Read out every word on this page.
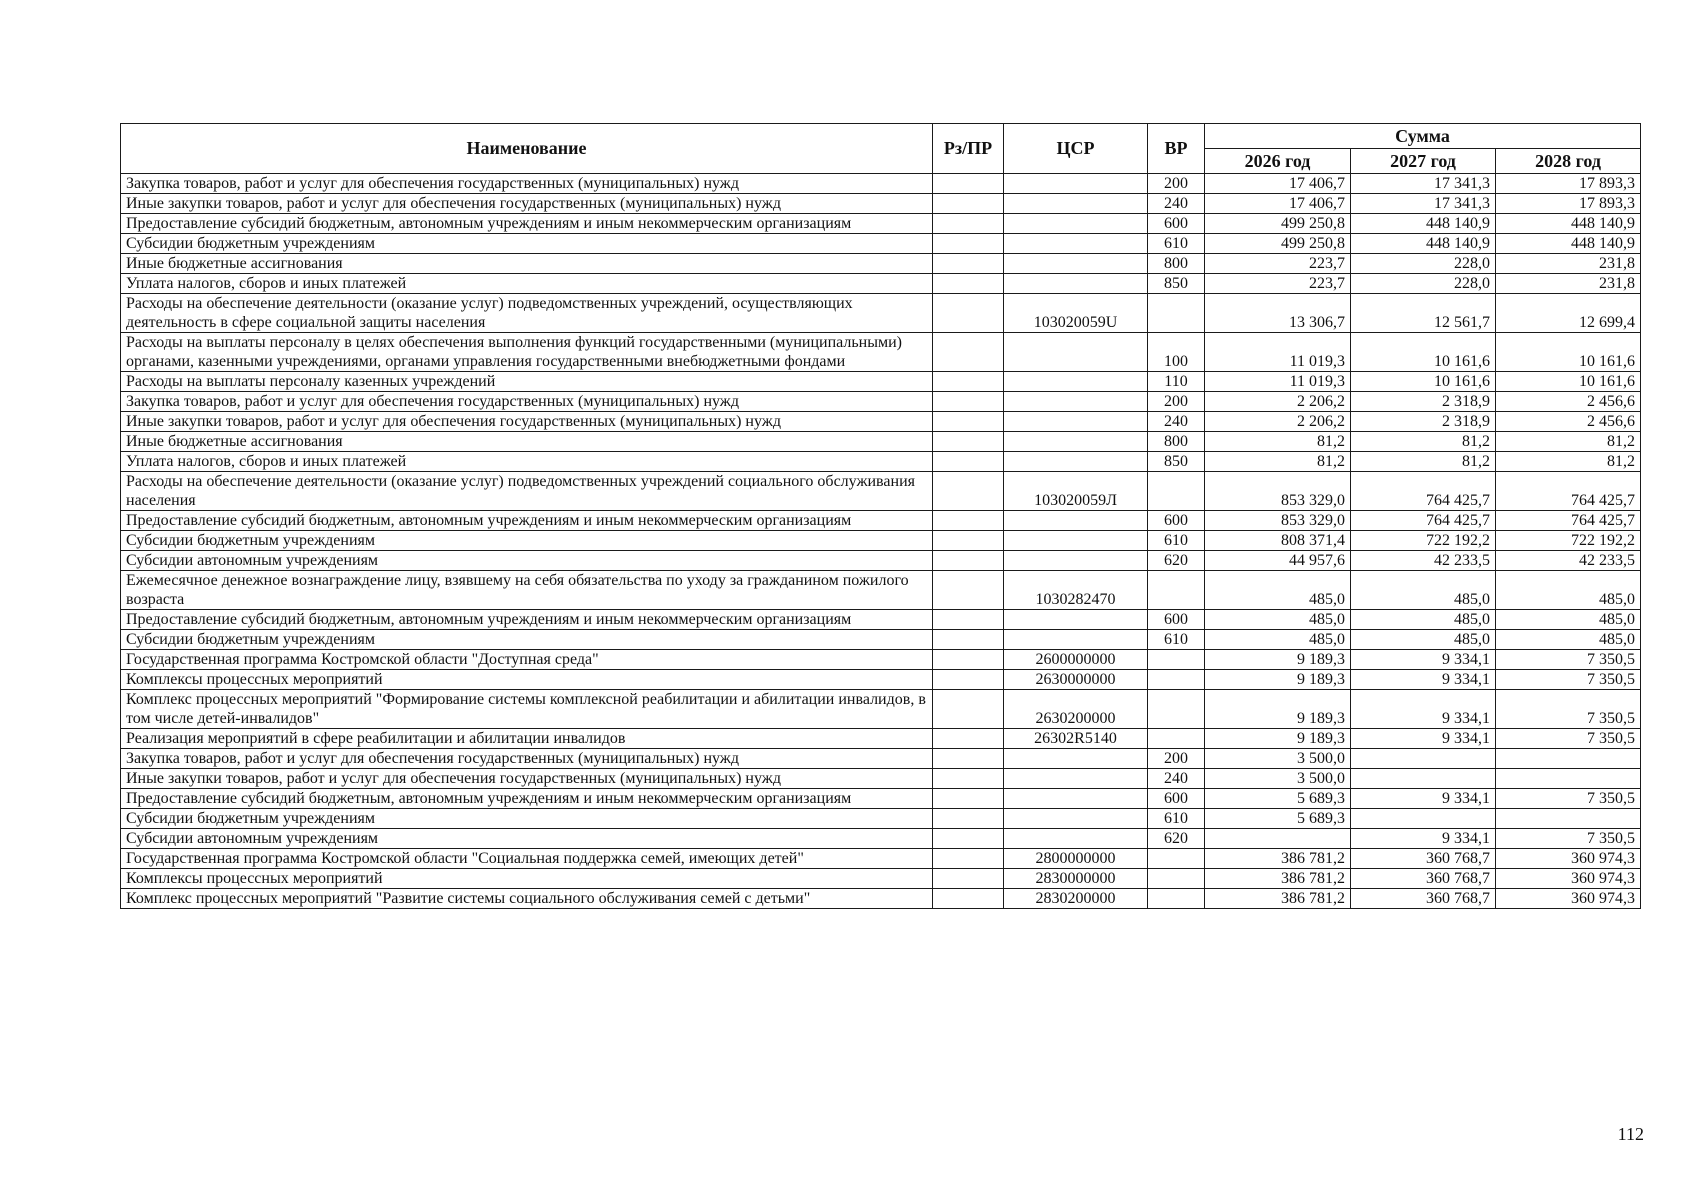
Наименование	Рз/ПР	ЦСР	ВР	Сумма		
				2026 год	2027 год	2028 год
Закупка товаров, работ и услуг для обеспечения государственных (муниципальных) нужд			200	17 406,7	17 341,3	17 893,3
Иные закупки товаров, работ и услуг для обеспечения государственных (муниципальных) нужд			240	17 406,7	17 341,3	17 893,3
Предоставление субсидий бюджетным, автономным учреждениям и иным некоммерческим организациям			600	499 250,8	448 140,9	448 140,9
Субсидии бюджетным учреждениям			610	499 250,8	448 140,9	448 140,9
Иные бюджетные ассигнования			800	223,7	228,0	231,8
Уплата налогов, сборов и иных платежей			850	223,7	228,0	231,8
Расходы на обеспечение деятельности (оказание услуг) подведомственных учреждений, осуществляющих деятельность в сфере социальной защиты населения		103020059U		13 306,7	12 561,7	12 699,4
Расходы на выплаты персоналу в целях обеспечения выполнения функций государственными (муниципальными) органами, казенными учреждениями, органами управления государственными внебюджетными фондами			100	11 019,3	10 161,6	10 161,6
Расходы на выплаты персоналу казенных учреждений			110	11 019,3	10 161,6	10 161,6
Закупка товаров, работ и услуг для обеспечения государственных (муниципальных) нужд			200	2 206,2	2 318,9	2 456,6
Иные закупки товаров, работ и услуг для обеспечения государственных (муниципальных) нужд			240	2 206,2	2 318,9	2 456,6
Иные бюджетные ассигнования			800	81,2	81,2	81,2
Уплата налогов, сборов и иных платежей			850	81,2	81,2	81,2
Расходы на обеспечение деятельности (оказание услуг) подведомственных учреждений социального обслуживания населения		103020059Л		853 329,0	764 425,7	764 425,7
Предоставление субсидий бюджетным, автономным учреждениям и иным некоммерческим организациям			600	853 329,0	764 425,7	764 425,7
Субсидии бюджетным учреждениям			610	808 371,4	722 192,2	722 192,2
Субсидии автономным учреждениям			620	44 957,6	42 233,5	42 233,5
Ежемесячное денежное вознаграждение лицу, взявшему на себя обязательства по уходу за гражданином пожилого возраста		1030282470		485,0	485,0	485,0
Предоставление субсидий бюджетным, автономным учреждениям и иным некоммерческим организациям			600	485,0	485,0	485,0
Субсидии бюджетным учреждениям			610	485,0	485,0	485,0
Государственная программа Костромской области "Доступная среда"		2600000000		9 189,3	9 334,1	7 350,5
Комплексы процессных мероприятий		2630000000		9 189,3	9 334,1	7 350,5
Комплекс процессных мероприятий "Формирование системы комплексной реабилитации и абилитации инвалидов, в том числе детей-инвалидов"		2630200000		9 189,3	9 334,1	7 350,5
Реализация мероприятий в сфере реабилитации и абилитации инвалидов		26302R5140		9 189,3	9 334,1	7 350,5
Закупка товаров, работ и услуг для обеспечения государственных (муниципальных) нужд			200	3 500,0		
Иные закупки товаров, работ и услуг для обеспечения государственных (муниципальных) нужд			240	3 500,0		
Предоставление субсидий бюджетным, автономным учреждениям и иным некоммерческим организациям			600	5 689,3	9 334,1	7 350,5
Субсидии бюджетным учреждениям			610	5 689,3		
Субсидии автономным учреждениям			620		9 334,1	7 350,5
Государственная программа Костромской области "Социальная поддержка семей, имеющих детей"		2800000000		386 781,2	360 768,7	360 974,3
Комплексы процессных мероприятий		2830000000		386 781,2	360 768,7	360 974,3
Комплекс процессных мероприятий "Развитие системы социального обслуживания семей с детьми"		2830200000		386 781,2	360 768,7	360 974,3
112
